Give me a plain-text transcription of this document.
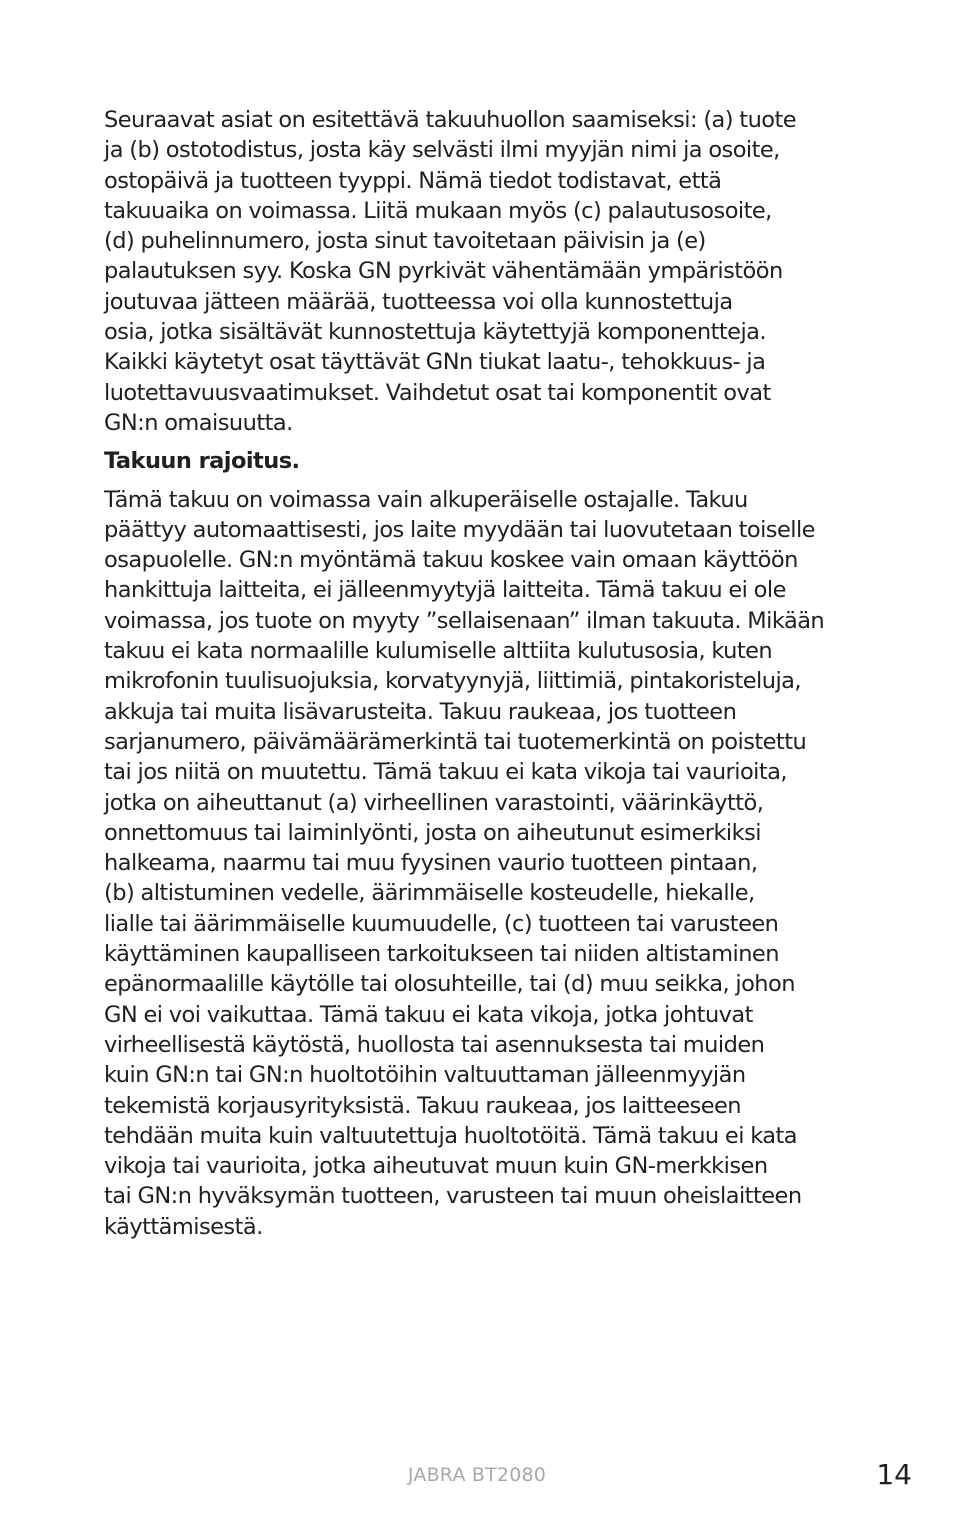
Seuraavat asiat on esitettävä takuuhuollon saamiseksi: (a) tuote
ja (b) ostotodistus, josta käy selvästi ilmi myyjän nimi ja osoite,
ostopäivä ja tuotteen tyyppi. Nämä tiedot todistavat, että
takuuaika on voimassa. Liitä mukaan myös (c) palautusosoite,
(d) puhelinnumero, josta sinut tavoitetaan päivisin ja (e)
palautuksen syy. Koska GN pyrkivät vähentämään ympäristöön
joutuvaa jätteen määrää, tuotteessa voi olla kunnostettuja
osia, jotka sisältävät kunnostettuja käytettyjä komponentteja.
Kaikki käytetyt osat täyttävät GNn tiukat laatu-, tehokkuus- ja
luotettavuusvaatimukset. Vaihdetut osat tai komponentit ovat
GN:n omaisuutta.

Takuun rajoitus.

Tämä takuu on voimassa vain alkuperäiselle ostajalle. Takuu
päättyy automaattisesti, jos laite myydään tai luovutetaan toiselle
osapuolelle. GN:n myöntämä takuu koskee vain omaan käyttöön
hankittuja laitteita, ei jälleenmyytyjä laitteita. Tämä takuu ei ole
voimassa, jos tuote on myyty ”sellaisenaan” ilman takuuta. Mikään
takuu ei kata normaalille kulumiselle alttiita kulutusosia, kuten
mikrofonin tuulisuojuksia, korvatyynyjä, liittimiä, pintakoristeluja,
akkuja tai muita lisävarusteita. Takuu raukeaa, jos tuotteen
sarjanumero, päivämäärämerkintä tai tuotemerkintä on poistettu
tai jos niitä on muutettu. Tämä takuu ei kata vikoja tai vaurioita,
jotka on aiheuttanut (a) virheellinen varastointi, väärinkäyttö,
onnettomuus tai laiminlyönti, josta on aiheutunut esimerkiksi
halkeama, naarmu tai muu fyysinen vaurio tuotteen pintaan,
(b) altistuminen vedelle, äärimmäiselle kosteudelle, hiekalle,
lialle tai äärimmäiselle kuumuudelle, (c) tuotteen tai varusteen
käyttäminen kaupalliseen tarkoitukseen tai niiden altistaminen
epänormaalille käytölle tai olosuhteille, tai (d) muu seikka, johon
GN ei voi vaikuttaa. Tämä takuu ei kata vikoja, jotka johtuvat
virheellisestä käytöstä, huollosta tai asennuksesta tai muiden
kuin GN:n tai GN:n huoltotöihin valtuuttaman jälleenmyyjän
tekemistä korjausyrityksistä. Takuu raukeaa, jos laitteeseen
tehdään muita kuin valtuutettuja huoltotöitä. Tämä takuu ei kata
vikoja tai vaurioita, jotka aiheutuvat muun kuin GN-merkkisen
tai GN:n hyväksymän tuotteen, varusteen tai muun oheislaitteen
käyttämisestä.

JABRA BT2080	14
